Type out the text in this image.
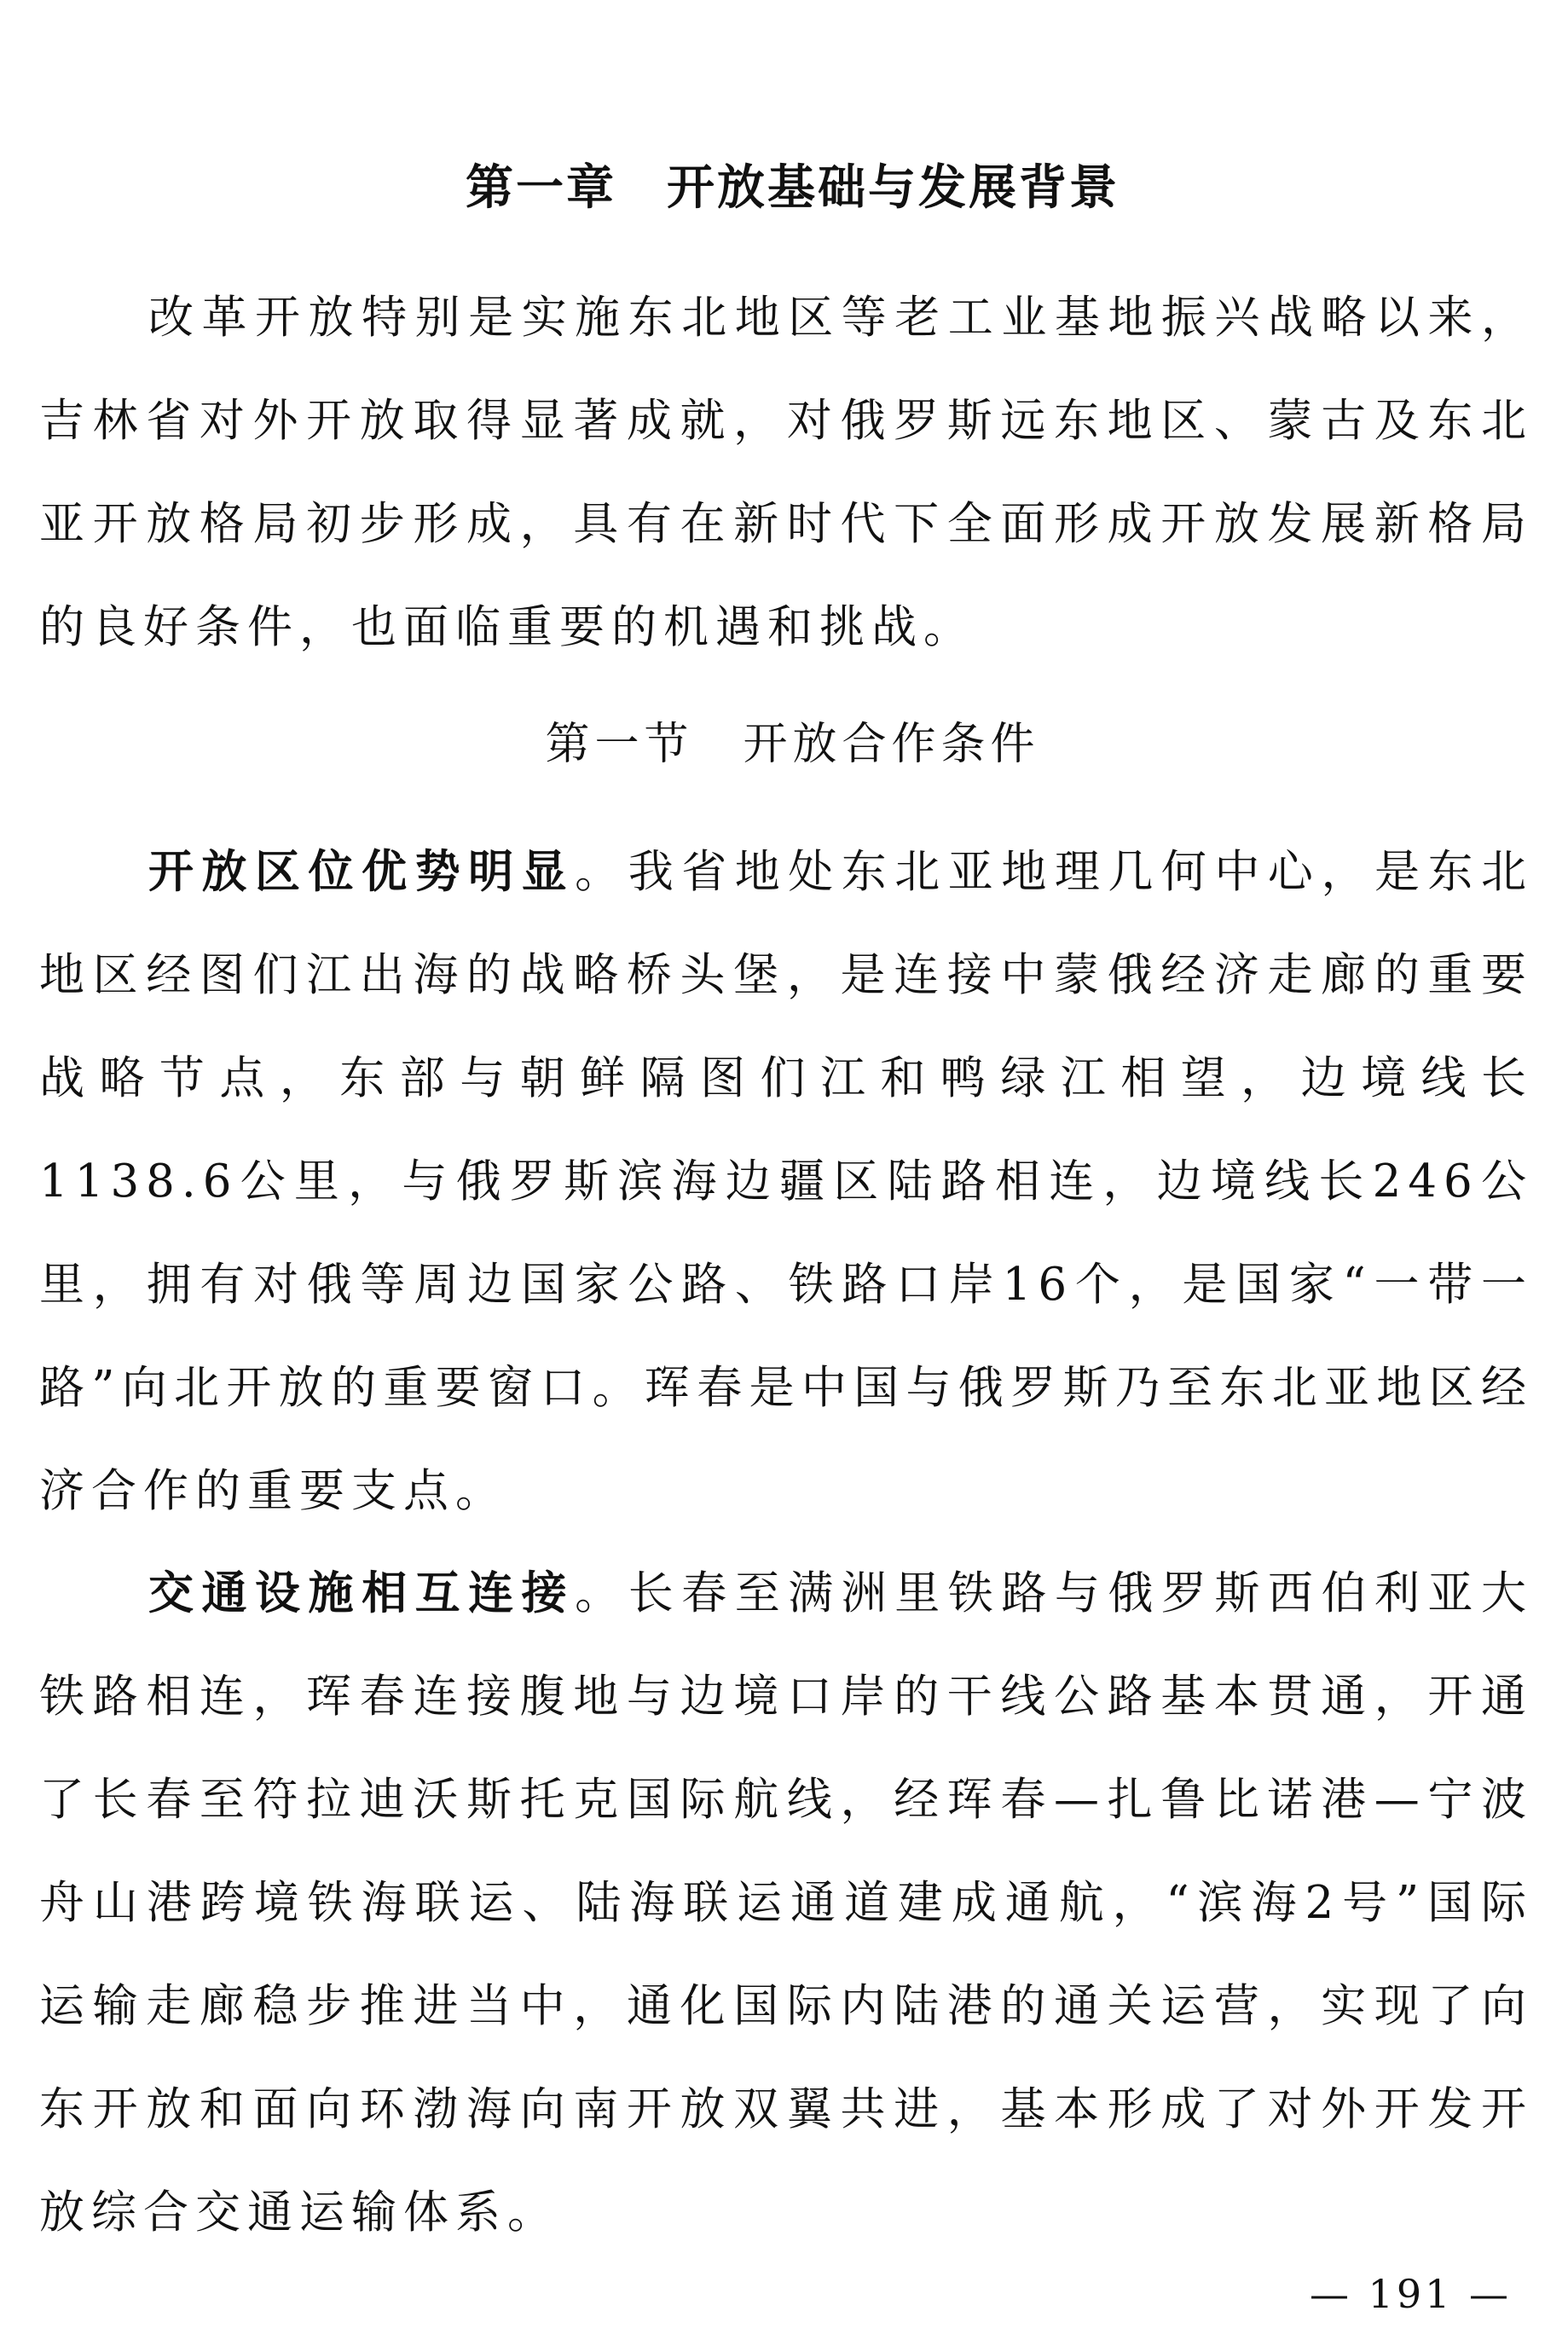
第一章　开放基础与发展背景

改革开放特别是实施东北地区等老工业基地振兴战略以来，吉林省对外开放取得显著成就，对俄罗斯远东地区、蒙古及东北亚开放格局初步形成，具有在新时代下全面形成开放发展新格局的良好条件，也面临重要的机遇和挑战。

第一节　开放合作条件

开放区位优势明显。我省地处东北亚地理几何中心，是东北地区经图们江出海的战略桥头堡，是连接中蒙俄经济走廊的重要战略节点，东部与朝鲜隔图们江和鸭绿江相望，边境线长1138.6公里，与俄罗斯滨海边疆区陆路相连，边境线长246公里，拥有对俄等周边国家公路、铁路口岸16个，是国家“一带一路”向北开放的重要窗口。珲春是中国与俄罗斯乃至东北亚地区经济合作的重要支点。

交通设施相互连接。长春至满洲里铁路与俄罗斯西伯利亚大铁路相连，珲春连接腹地与边境口岸的干线公路基本贯通，开通了长春至符拉迪沃斯托克国际航线，经珲春—扎鲁比诺港—宁波舟山港跨境铁海联运、陆海联运通道建成通航，“滨海2号”国际运输走廊稳步推进当中，通化国际内陆港的通关运营，实现了向东开放和面向环渤海向南开放双翼共进，基本形成了对外开发开放综合交通运输体系。

— 191 —
